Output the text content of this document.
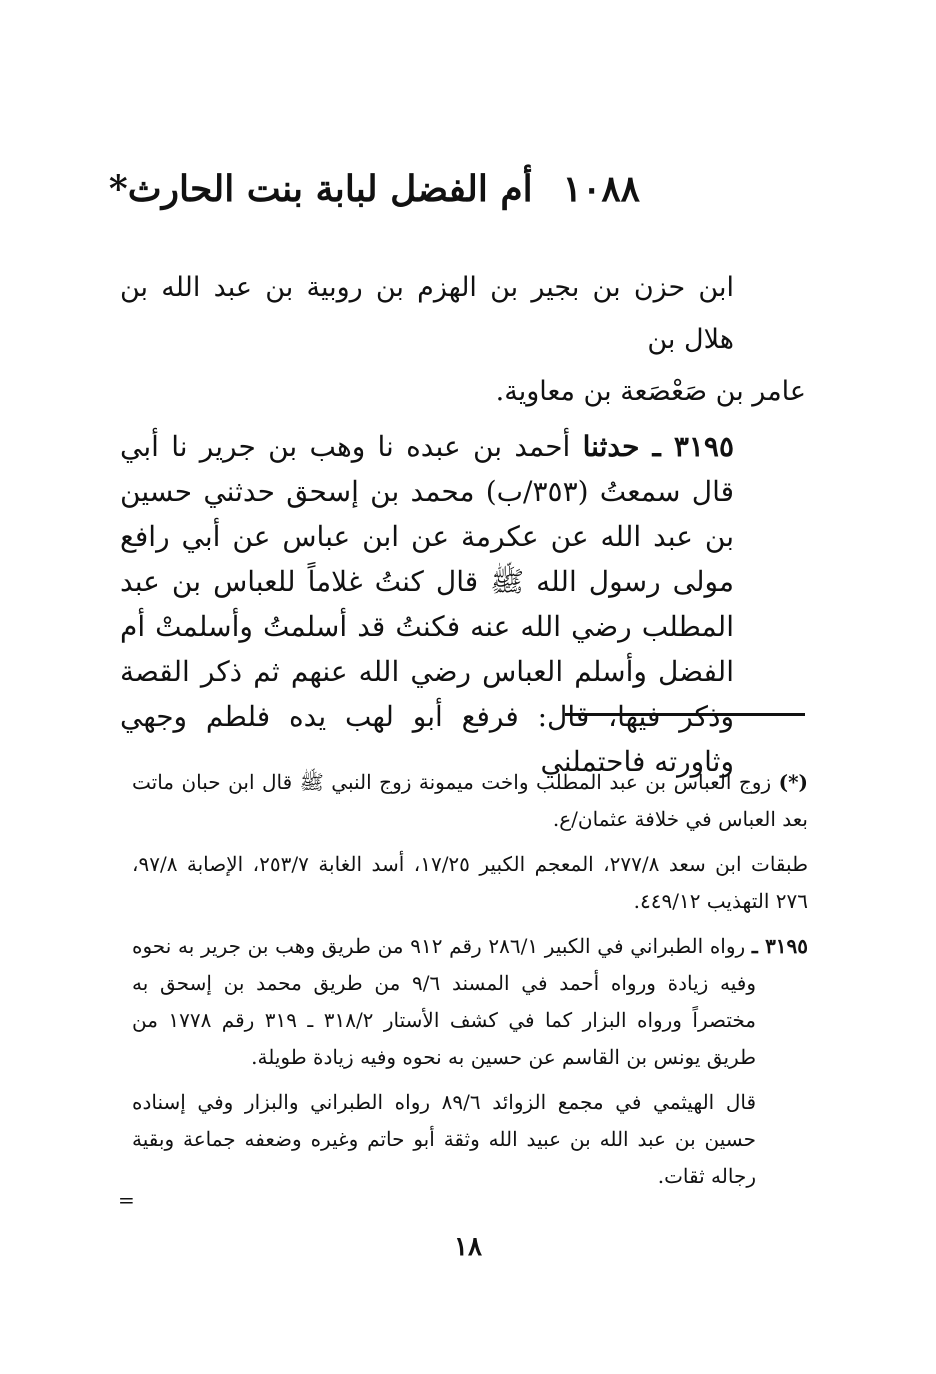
١٠٨٨أم الفضل لبابة بنت الحارث*

ابن حزن بن بجير بن الهزم بن روبية بن عبد الله بن هلال بن

عامر بن صَعْصَعة بن معاوية.

٣١٩٥ ـ حدثنا أحمد بن عبده نا وهب بن جرير نا أبي قال سمعتُ (٣٥٣/ب) محمد بن إسحق حدثني حسين بن عبد الله عن عكرمة عن ابن عباس عن أبي رافع مولى رسول الله ﷺ قال كنتُ غلاماً للعباس بن عبد المطلب رضي الله عنه فكنتُ قد أسلمتُ وأسلمتْ أم الفضل وأسلم العباس رضي الله عنهم ثم ذكر القصة وذكر فيها، قال: فرفع أبو لهب يده فلطم وجهي وثاورته فاحتملني

(*) زوج العباس بن عبد المطلب واخت ميمونة زوج النبي ﷺ قال ابن حبان ماتت بعد العباس في خلافة عثمان/ع.

طبقات ابن سعد ٢٧٧/٨، المعجم الكبير ١٧/٢٥، أسد الغابة ٢٥٣/٧، الإصابة ٩٧/٨، ٢٧٦ التهذيب ٤٤٩/١٢.

٣١٩٥ ـ رواه الطبراني في الكبير ٢٨٦/١ رقم ٩١٢ من طريق وهب بن جرير به نحوه وفيه زيادة ورواه أحمد في المسند ٩/٦ من طريق محمد بن إسحق به مختصراً ورواه البزار كما في كشف الأستار ٣١٨/٢ ـ ٣١٩ رقم ١٧٧٨ من طريق يونس بن القاسم عن حسين به نحوه وفيه زيادة طويلة.

قال الهيثمي في مجمع الزوائد ٨٩/٦ رواه الطبراني والبزار وفي إسناده حسين بن عبد الله بن عبيد الله وثقة أبو حاتم وغيره وضعفه جماعة وبقية رجاله ثقات.

=
١٨
